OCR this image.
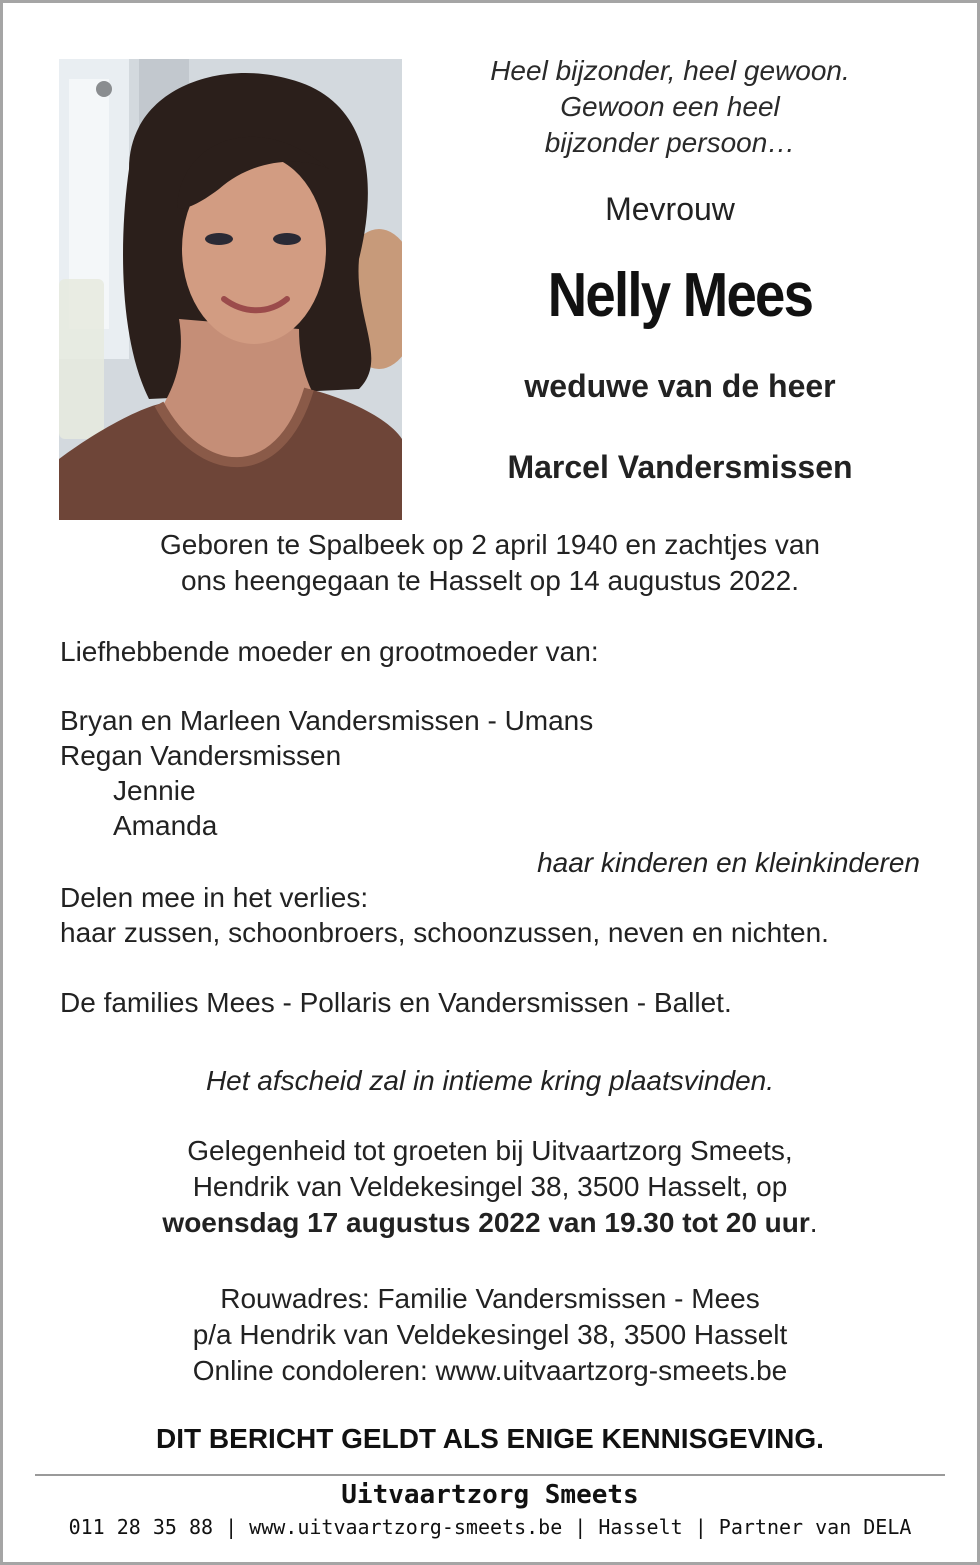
Heel bijzonder, heel gewoon.
Gewoon een heel
bijzonder persoon…
Mevrouw
Nelly Mees
weduwe van de heer
Marcel Vandersmissen
Geboren te Spalbeek op 2 april 1940 en zachtjes van
ons heengegaan te Hasselt op 14 augustus 2022.
Liefhebbende moeder en grootmoeder van:
Bryan en Marleen Vandersmissen - Umans
Regan Vandersmissen
Jennie
Amanda
haar kinderen en kleinkinderen
Delen mee in het verlies:
haar zussen, schoonbroers, schoonzussen, neven en nichten.
De families Mees - Pollaris en Vandersmissen - Ballet.
Het afscheid zal in intieme kring plaatsvinden.
Gelegenheid tot groeten bij Uitvaartzorg Smeets,
Hendrik van Veldekesingel 38, 3500 Hasselt, op
woensdag 17 augustus 2022 van 19.30 tot 20 uur.
Rouwadres: Familie Vandersmissen - Mees
p/a Hendrik van Veldekesingel 38, 3500 Hasselt
Online condoleren: www.uitvaartzorg-smeets.be
DIT BERICHT GELDT ALS ENIGE KENNISGEVING.
Uitvaartzorg Smeets
011 28 35 88 | www.uitvaartzorg-smeets.be | Hasselt | Partner van DELA
